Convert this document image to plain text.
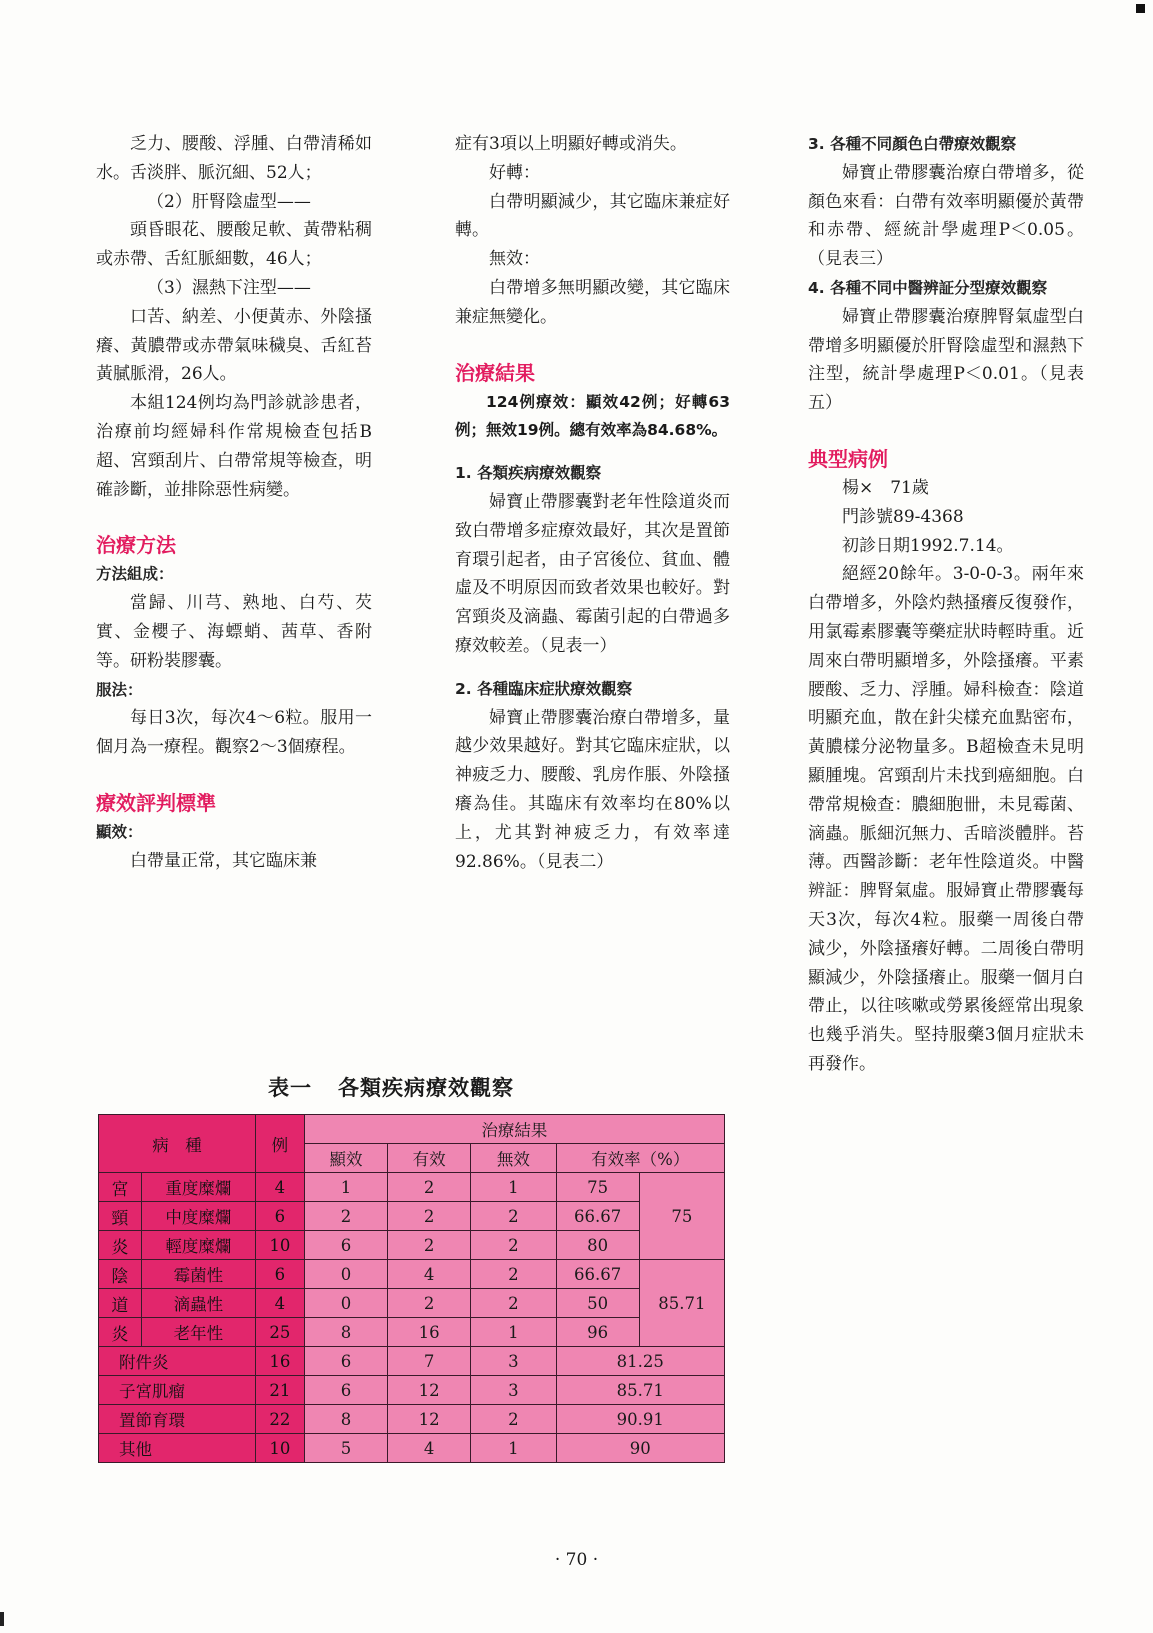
乏力、腰酸、浮腫、白帶清稀如水。舌淡胖、脈沉細、52人；

（2）肝腎陰虛型——

頭昏眼花、腰酸足軟、黃帶粘稠或赤帶、舌紅脈細數，46人；

（3）濕熱下注型——

口苦、納差、小便黃赤、外陰搔癢、黃膿帶或赤帶氣味穢臭、舌紅苔黃膩脈滑，26人。

本組124例均為門診就診患者，治療前均經婦科作常規檢查包括B超、宮頸刮片、白帶常規等檢查，明確診斷，並排除惡性病變。

治療方法
方法組成：

當歸、川芎、熟地、白芍、芡實、金櫻子、海螵蛸、茜草、香附等。研粉裝膠囊。

服法：

每日3次，每次4～6粒。服用一個月為一療程。觀察2～3個療程。

療效評判標準
顯效：

白帶量正常，其它臨床兼

症有3項以上明顯好轉或消失。

好轉：

白帶明顯減少，其它臨床兼症好轉。

無效：

白帶增多無明顯改變，其它臨床兼症無變化。

治療結果

124例療效：顯效42例；好轉63例；無效19例。總有效率為84.68%。

1. 各類疾病療效觀察

婦寶止帶膠囊對老年性陰道炎而致白帶增多症療效最好，其次是置節育環引起者，由子宮後位、貧血、體虛及不明原因而致者效果也較好。對宮頸炎及滴蟲、霉菌引起的白帶過多療效較差。（見表一）

2. 各種臨床症狀療效觀察

婦寶止帶膠囊治療白帶增多，量越少效果越好。對其它臨床症狀，以神疲乏力、腰酸、乳房作脹、外陰搔癢為佳。其臨床有效率均在80%以上，尤其對神疲乏力，有效率達92.86%。（見表二）

3. 各種不同顏色白帶療效觀察

婦寶止帶膠囊治療白帶增多，從顏色來看：白帶有效率明顯優於黃帶和赤帶、經統計學處理P＜0.05。（見表三）

4. 各種不同中醫辨証分型療效觀察

婦寶止帶膠囊治療脾腎氣虛型白帶增多明顯優於肝腎陰虛型和濕熱下注型，統計學處理P＜0.01。（見表五）

典型病例

楊×　71歲

門診號89-4368

初診日期1992.7.14。

絕經20餘年。3-0-0-3。兩年來白帶增多，外陰灼熱搔癢反復發作，用氯霉素膠囊等藥症狀時輕時重。近周來白帶明顯增多，外陰搔癢。平素腰酸、乏力、浮腫。婦科檢查：陰道明顯充血，散在針尖樣充血點密布，黃膿樣分泌物量多。B超檢查未見明顯腫塊。宮頸刮片未找到癌細胞。白帶常規檢查：膿細胞卌，未見霉菌、滴蟲。脈細沉無力、舌暗淡體胖。苔薄。西醫診斷：老年性陰道炎。中醫辨証：脾腎氣虛。服婦寶止帶膠囊每天3次，每次4粒。服藥一周後白帶減少，外陰搔癢好轉。二周後白帶明顯減少，外陰搔癢止。服藥一個月白帶止，以往咳嗽或勞累後經常出現象也幾乎消失。堅持服藥3個月症狀未再發作。

表一 各類疾病療效觀察
病　種		例	治療結果				
			顯效	有效	無效	有效率（%）	
宮	重度糜爛	4	1	2	1	75	75
頸	中度糜爛	6	2	2	2	66.67	
炎	輕度糜爛	10	6	2	2	80	
陰	霉菌性	6	0	4	2	66.67	85.71
道	滴蟲性	4	0	2	2	50	
炎	老年性	25	8	16	1	96	
附件炎		16	6	7	3	81.25	
子宮肌瘤		21	6	12	3	85.71	
置節育環		22	8	12	2	90.91	
其他		10	5	4	1	90	
· 70 ·
